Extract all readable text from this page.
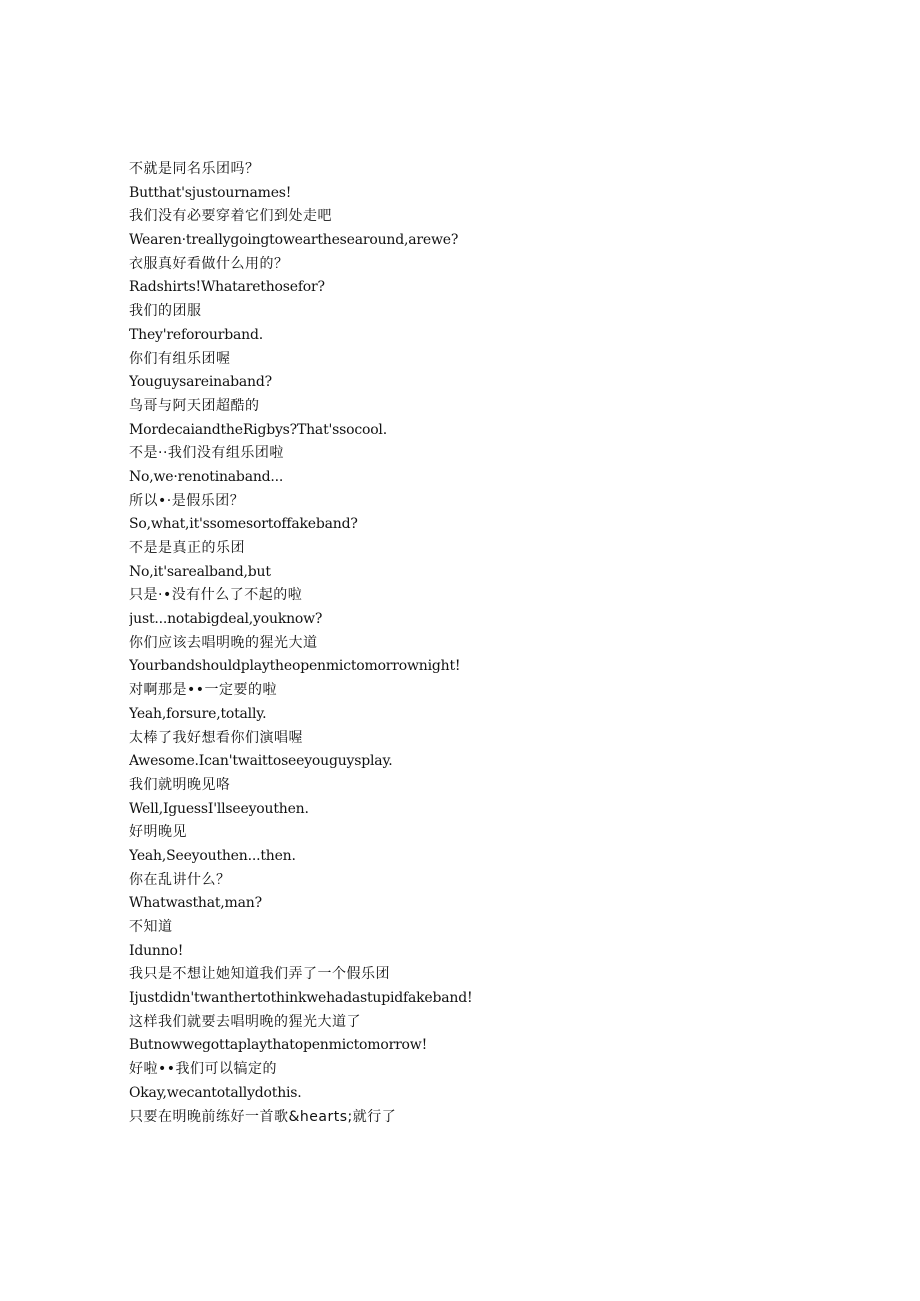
不就是同名乐团吗？
Butthat'sjustournames!
我们没有必要穿着它们到处走吧
Wearen·treallygoingtowearthesearound,arewe?
衣服真好看做什么用的？
Radshirts!Whatarethosefor?
我们的团服
They'reforourband.
你们有组乐团喔
Youguysareinaband?
鸟哥与阿天团超酷的
MordecaiandtheRigbys?That'ssocool.
不是··我们没有组乐团啦
No,we·renotinaband...
所以•·是假乐团？
So,what,it'ssomesortoffakeband?
不是是真正的乐团
No,it'sarealband,but
只是·•没有什么了不起的啦
just...notabigdeal,youknow?
你们应该去唱明晚的猩光大道
Yourbandshouldplaytheopenmictomorrownight!
对啊那是••一定要的啦
Yeah,forsure,totally.
太棒了我好想看你们演唱喔
Awesome.Ican'twaittoseeyouguysplay.
我们就明晚见咯
Well,IguessI'llseeyouthen.
好明晚见
Yeah,Seeyouthen...then.
你在乱讲什么？
Whatwasthat,man?
不知道
Idunno!
我只是不想让她知道我们弄了一个假乐团
Ijustdidn'twanthertothinkwehadastupidfakeband!
这样我们就要去唱明晚的猩光大道了
Butnowwegottaplaythatopenmictomorrow!
好啦••我们可以犒定的
Okay,wecantotallydothis.
只要在明晚前练好一首歌&hearts;就行了
